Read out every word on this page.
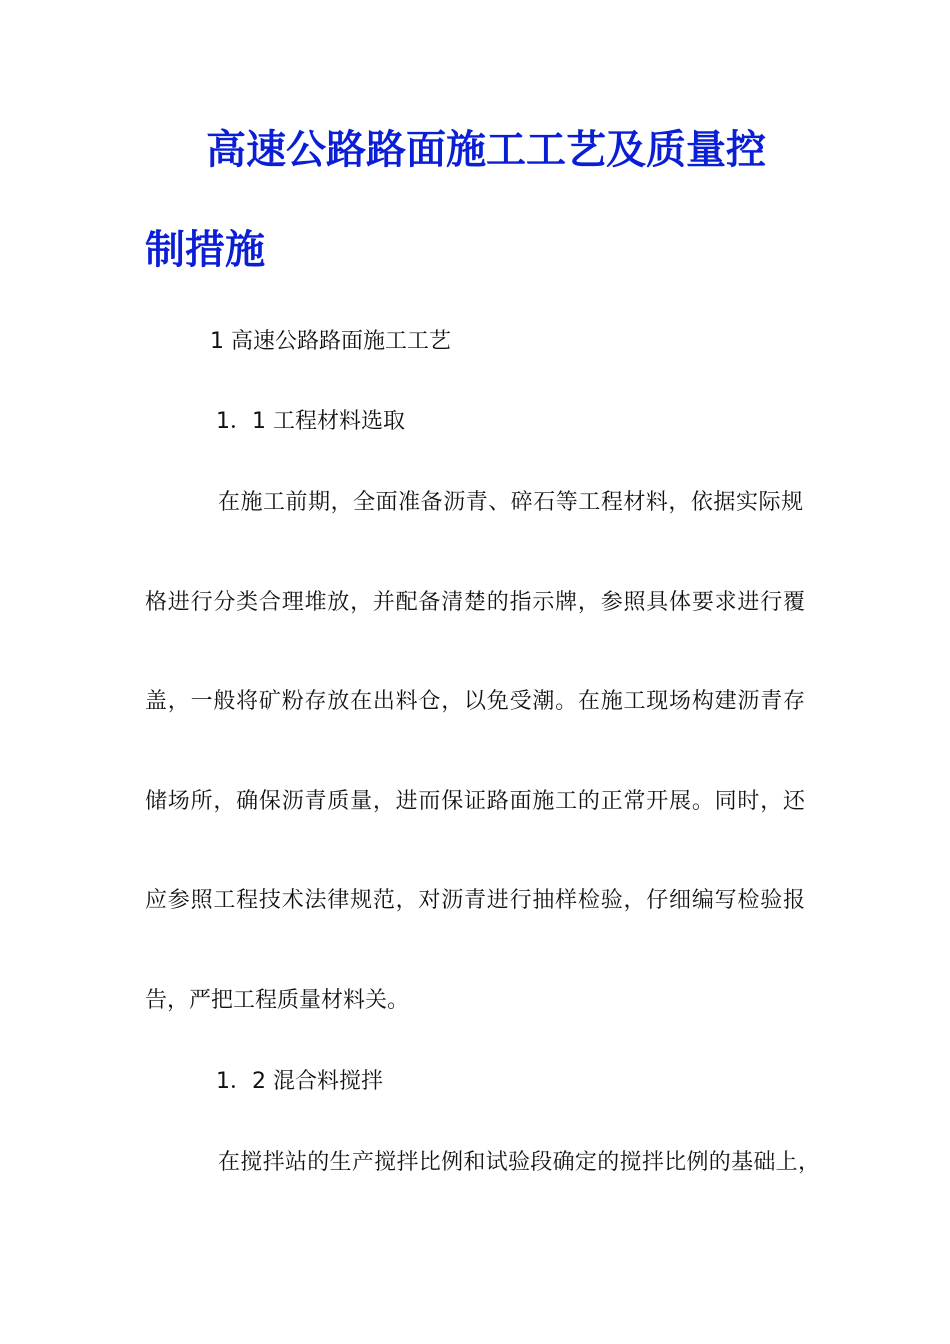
高速公路路面施工工艺及质量控
制措施

1 高速公路路面施工工艺

1．1 工程材料选取

在施工前期，全面准备沥青、碎石等工程材料，依据实际规

格进行分类合理堆放，并配备清楚的指示牌，参照具体要求进行覆

盖，一般将矿粉存放在出料仓，以免受潮。在施工现场构建沥青存

储场所，确保沥青质量，进而保证路面施工的正常开展。同时，还

应参照工程技术法律规范，对沥青进行抽样检验，仔细编写检验报

告，严把工程质量材料关。

1．2 混合料搅拌

在搅拌站的生产搅拌比例和试验段确定的搅拌比例的基础上，
